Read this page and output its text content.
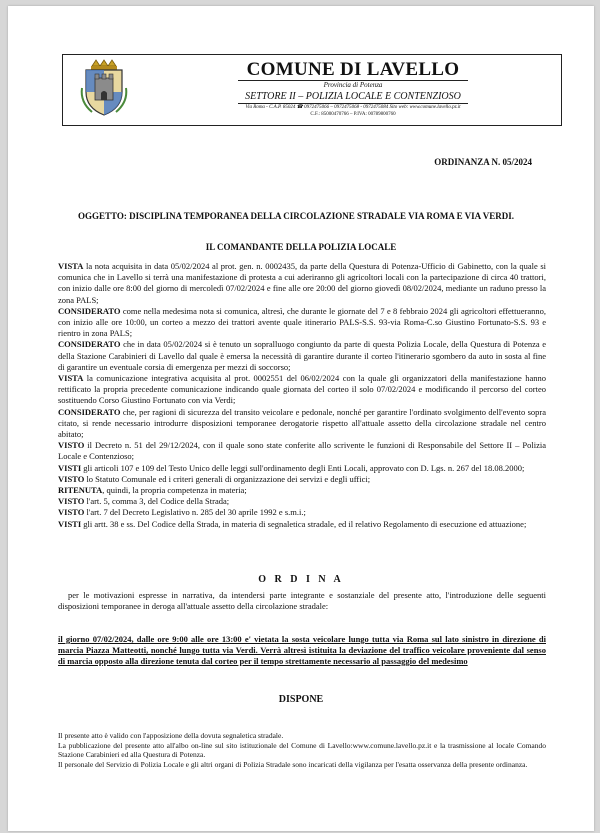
COMUNE DI LAVELLO
Provincia di Potenza
SETTORE II – POLIZIA LOCALE E CONTENZIOSO
Via Roma - C.A.P. 85024 ☎ 0972475066 – 0972475068 - 0972475084 Sito web: www.comune.lavello.pz.it
C.F.: 85000470766 – P.IVA: 00789800760
ORDINANZA N. 05/2024
OGGETTO: DISCIPLINA TEMPORANEA DELLA CIRCOLAZIONE STRADALE VIA ROMA E VIA VERDI.
IL COMANDANTE DELLA POLIZIA LOCALE

VISTA la nota acquisita in data 05/02/2024 al prot. gen. n. 0002435, da parte della Questura di Potenza-Ufficio di Gabinetto, con la quale si comunica che in Lavello si terrà una manifestazione di protesta a cui aderiranno gli agricoltori locali con la partecipazione di circa 40 trattori, con inizio dalle ore 8:00 del giorno di mercoledì 07/02/2024 e fine alle ore 20:00 del giorno giovedì 08/02/2024, mediante un raduno presso la zona PALS;

CONSIDERATO come nella medesima nota si comunica, altresì, che durante le giornate del 7 e 8 febbraio 2024 gli agricoltori effettueranno, con inizio alle ore 10:00, un corteo a mezzo dei trattori avente quale itinerario PALS-S.S. 93-via Roma-C.so Giustino Fortunato-S.S. 93 e rientro in zona PALS;

CONSIDERATO che in data 05/02/2024 si è tenuto un sopralluogo congiunto da parte di questa Polizia Locale, della Questura di Potenza e della Stazione Carabinieri di Lavello dal quale è emersa la necessità di garantire durante il corteo l'itinerario sgombero da auto in sosta al fine di garantire un eventuale corsia di emergenza per mezzi di soccorso;

VISTA la comunicazione integrativa acquisita al prot. 0002551 del 06/02/2024 con la quale gli organizzatori della manifestazione hanno rettificato la propria precedente comunicazione indicando quale giornata del corteo il solo 07/02/2024 e modificando il percorso del corteo sostituendo Corso Giustino Fortunato con via Verdi;

CONSIDERATO che, per ragioni di sicurezza del transito veicolare e pedonale, nonché per garantire l'ordinato svolgimento dell'evento sopra citato, si rende necessario introdurre disposizioni temporanee derogatorie rispetto all'attuale assetto della circolazione stradale nel centro abitato;

VISTO il Decreto n. 51 del 29/12/2024, con il quale sono state conferite allo scrivente le funzioni di Responsabile del Settore II – Polizia Locale e Contenzioso;

VISTI gli articoli 107 e 109 del Testo Unico delle leggi sull'ordinamento degli Enti Locali, approvato con D. Lgs. n. 267 del 18.08.2000;

VISTO lo Statuto Comunale ed i criteri generali di organizzazione dei servizi e degli uffici;

RITENUTA, quindi, la propria competenza in materia;

VISTO l'art. 5, comma 3, del Codice della Strada;

VISTO l'art. 7 del Decreto Legislativo n. 285 del 30 aprile 1992 e s.m.i.;

VISTI gli artt. 38 e ss. Del Codice della Strada, in materia di segnaletica stradale, ed il relativo Regolamento di esecuzione ed attuazione;

O R D I N A
per le motivazioni espresse in narrativa, da intendersi parte integrante e sostanziale del presente atto, l'introduzione delle seguenti disposizioni temporanee in deroga all'attuale assetto della circolazione stradale:
il giorno 07/02/2024, dalle ore 9:00 alle ore 13:00 e' vietata la sosta veicolare lungo tutta via Roma sul lato sinistro in direzione di marcia Piazza Matteotti, nonché lungo tutta via Verdi. Verrà altresì istituita la deviazione del traffico veicolare proveniente dal senso di marcia opposto alla direzione tenuta dal corteo per il tempo strettamente necessario al passaggio del medesimo
DISPONE

Il presente atto è valido con l'apposizione della dovuta segnaletica stradale.

La pubblicazione del presente atto all'albo on-line sul sito istituzionale del Comune di Lavello:www.comune.lavello.pz.it e la trasmissione al locale Comando Stazione Carabinieri ed alla Questura di Potenza.

Il personale del Servizio di Polizia Locale e gli altri organi di Polizia Stradale sono incaricati della vigilanza per l'esatta osservanza della presente ordinanza.
